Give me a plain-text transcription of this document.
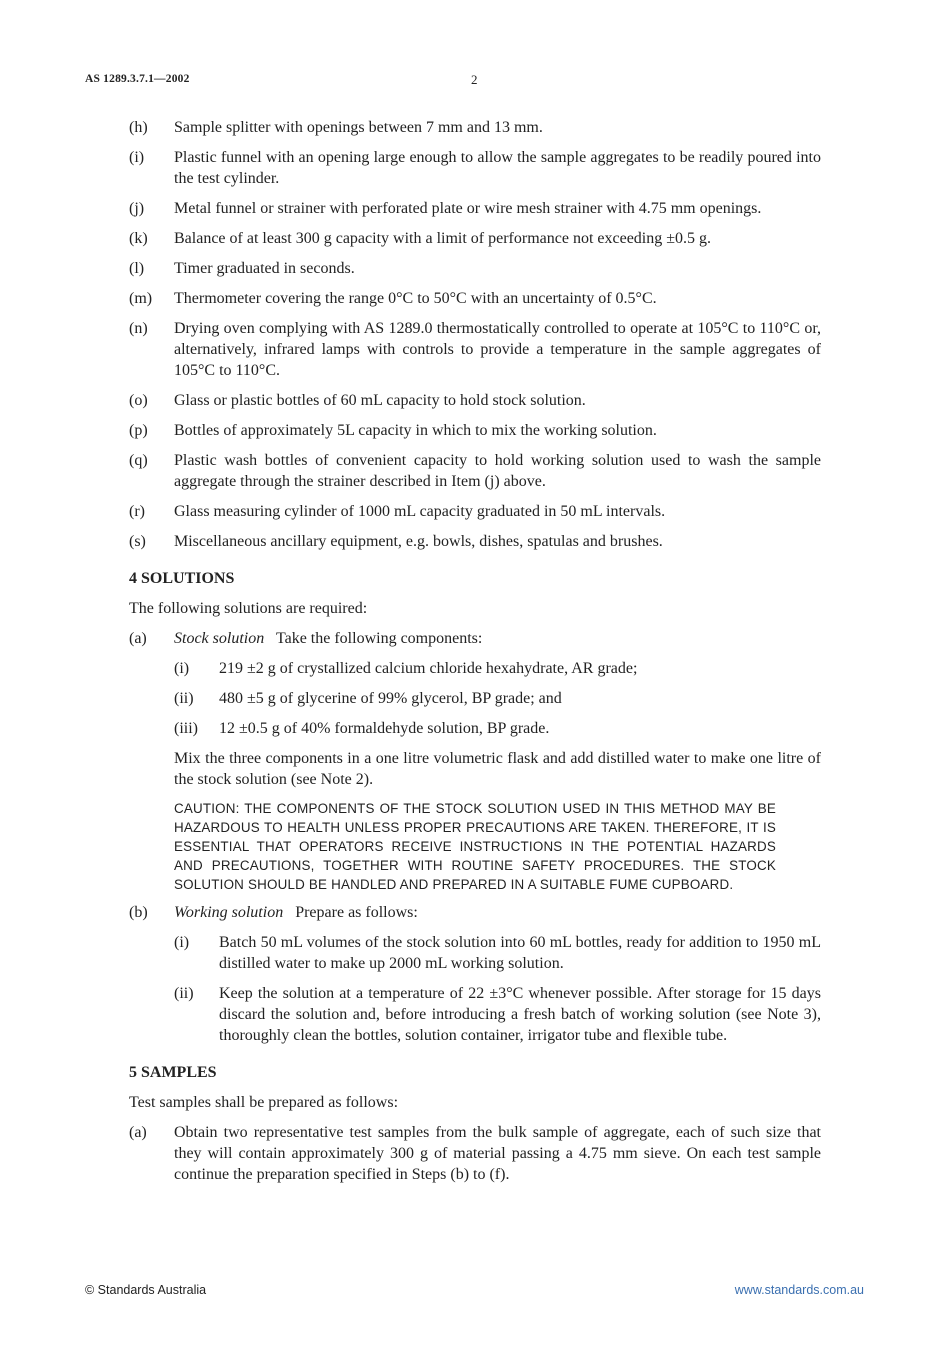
AS 1289.3.7.1—2002	2
(h)	Sample splitter with openings between 7 mm and 13 mm.
(i)	Plastic funnel with an opening large enough to allow the sample aggregates to be readily poured into the test cylinder.
(j)	Metal funnel or strainer with perforated plate or wire mesh strainer with 4.75 mm openings.
(k)	Balance of at least 300 g capacity with a limit of performance not exceeding ±0.5 g.
(l)	Timer graduated in seconds.
(m)	Thermometer covering the range 0°C to 50°C with an uncertainty of 0.5°C.
(n)	Drying oven complying with AS 1289.0 thermostatically controlled to operate at 105°C to 110°C or, alternatively, infrared lamps with controls to provide a temperature in the sample aggregates of 105°C to 110°C.
(o)	Glass or plastic bottles of 60 mL capacity to hold stock solution.
(p)	Bottles of approximately 5L capacity in which to mix the working solution.
(q)	Plastic wash bottles of convenient capacity to hold working solution used to wash the sample aggregate through the strainer described in Item (j) above.
(r)	Glass measuring cylinder of 1000 mL capacity graduated in 50 mL intervals.
(s)	Miscellaneous ancillary equipment, e.g. bowls, dishes, spatulas and brushes.
4 SOLUTIONS
The following solutions are required:
(a)	Stock solution Take the following components:
(i)	219 ±2 g of crystallized calcium chloride hexahydrate, AR grade;
(ii)	480 ±5 g of glycerine of 99% glycerol, BP grade; and
(iii)	12 ±0.5 g of 40% formaldehyde solution, BP grade.
Mix the three components in a one litre volumetric flask and add distilled water to make one litre of the stock solution (see Note 2).
CAUTION: THE COMPONENTS OF THE STOCK SOLUTION USED IN THIS METHOD MAY BE HAZARDOUS TO HEALTH UNLESS PROPER PRECAUTIONS ARE TAKEN. THEREFORE, IT IS ESSENTIAL THAT OPERATORS RECEIVE INSTRUCTIONS IN THE POTENTIAL HAZARDS AND PRECAUTIONS, TOGETHER WITH ROUTINE SAFETY PROCEDURES. THE STOCK SOLUTION SHOULD BE HANDLED AND PREPARED IN A SUITABLE FUME CUPBOARD.
(b)	Working solution Prepare as follows:
(i)	Batch 50 mL volumes of the stock solution into 60 mL bottles, ready for addition to 1950 mL distilled water to make up 2000 mL working solution.
(ii)	Keep the solution at a temperature of 22 ±3°C whenever possible. After storage for 15 days discard the solution and, before introducing a fresh batch of working solution (see Note 3), thoroughly clean the bottles, solution container, irrigator tube and flexible tube.
5 SAMPLES
Test samples shall be prepared as follows:
(a)	Obtain two representative test samples from the bulk sample of aggregate, each of such size that they will contain approximately 300 g of material passing a 4.75 mm sieve. On each test sample continue the preparation specified in Steps (b) to (f).
© Standards Australia	www.standards.com.au
